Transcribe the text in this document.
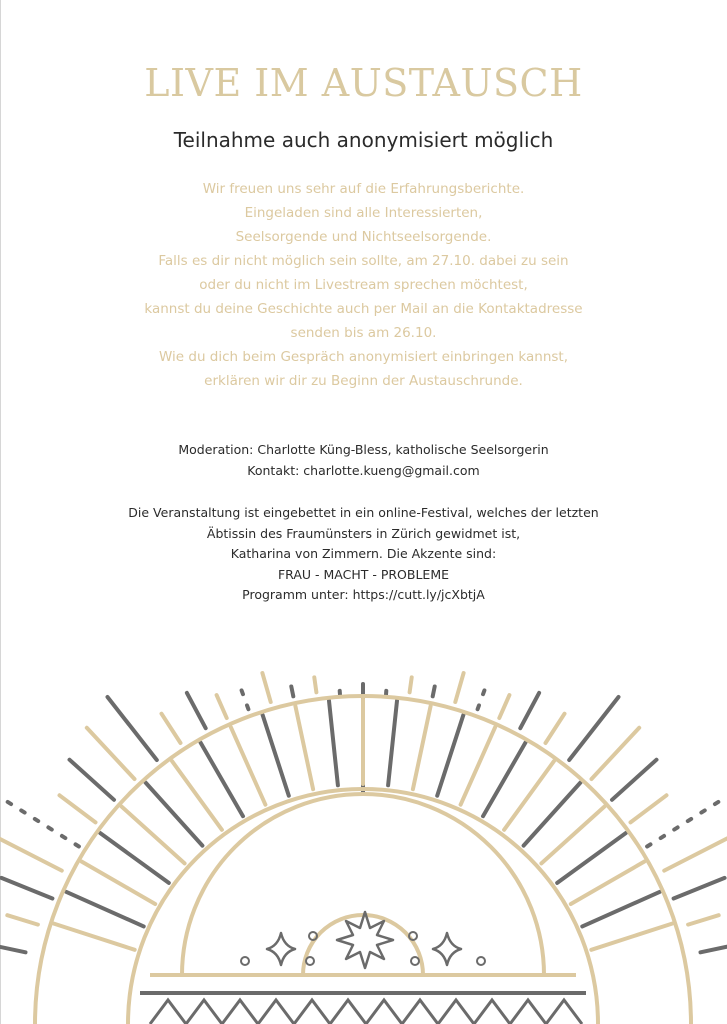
LIVE IM AUSTAUSCH
Teilnahme auch anonymisiert möglich
Wir freuen uns sehr auf die Erfahrungsberichte.
Eingeladen sind alle Interessierten,
Seelsorgende und Nichtseelsorgende.
Falls es dir nicht möglich sein sollte, am 27.10. dabei zu sein
oder du nicht im Livestream sprechen möchtest,
kannst du deine Geschichte auch per Mail an die Kontaktadresse
senden bis am 26.10.
Wie du dich beim Gespräch anonymisiert einbringen kannst,
erklären wir dir zu Beginn der Austauschrunde.
Moderation: Charlotte Küng-Bless, katholische Seelsorgerin
Kontakt: charlotte.kueng@gmail.com
Die Veranstaltung ist eingebettet in ein online-Festival, welches der letzten
Äbtissin des Fraumünsters in Zürich gewidmet ist,
Katharina von Zimmern. Die Akzente sind:
FRAU - MACHT - PROBLEME
Programm unter: https://cutt.ly/jcXbtjA
